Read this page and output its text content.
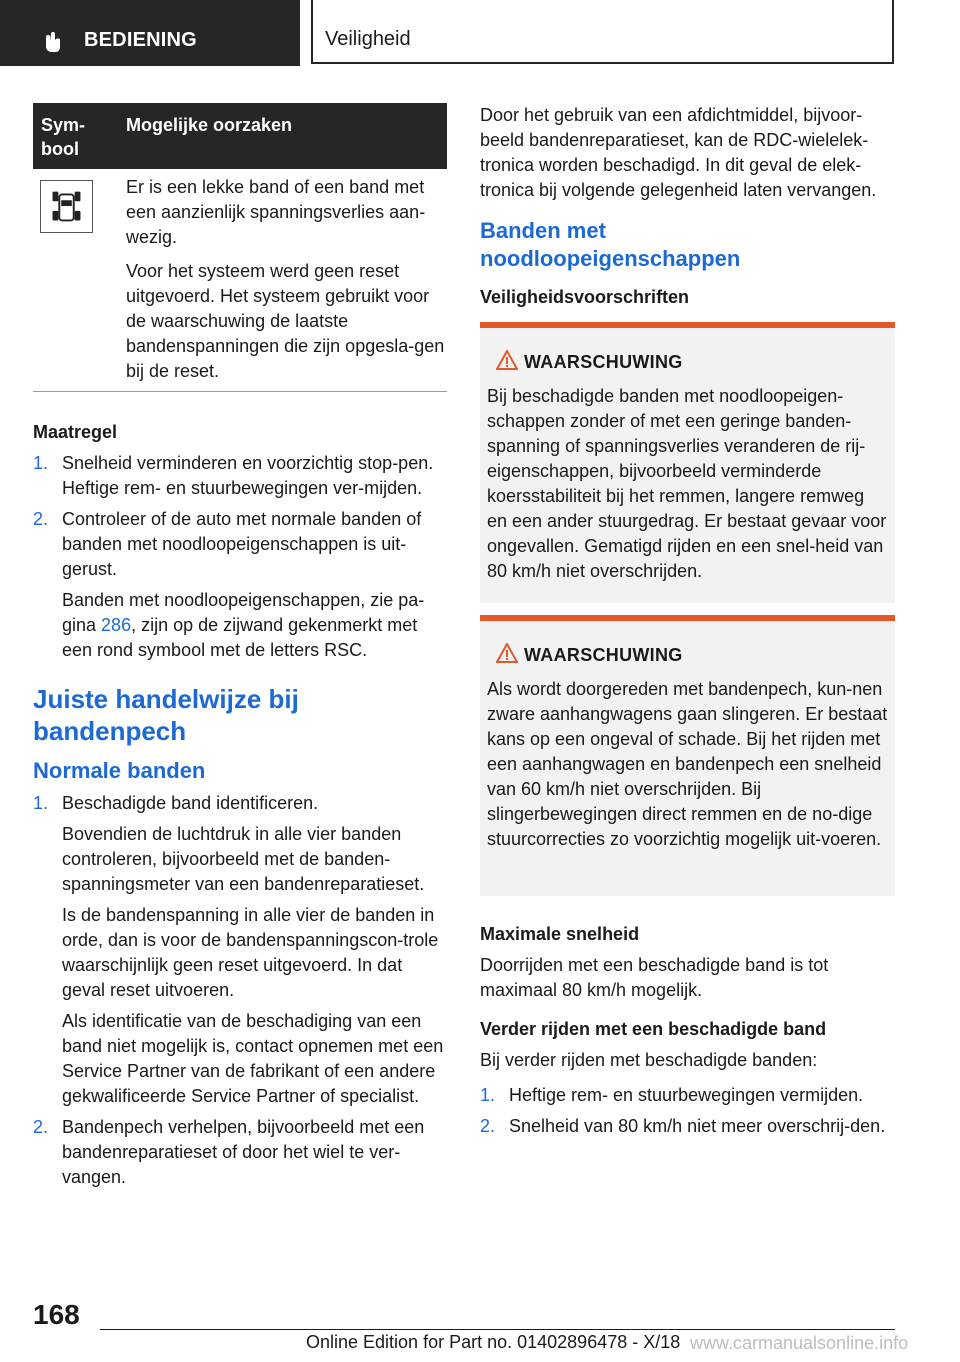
BEDIENING	Veiligheid
Sym‑
bool
Mogelijke oorzaken

Er is een lekke band of een band met een aanzienlijk spanningsverlies aan-wezig.

Voor het systeem werd geen reset uitgevoerd. Het systeem gebruikt voor de waarschuwing de laatste bandenspanningen die zijn opgesla-gen bij de reset.

Maatregel

1. Snelheid verminderen en voorzichtig stop-pen. Heftige rem- en stuurbewegingen ver-mijden.

2. Controleer of de auto met normale banden of banden met noodloopeigenschappen is uit-gerust.

Banden met noodloopeigenschappen, zie pa-gina 286, zijn op de zijwand gekenmerkt met een rond symbool met de letters RSC.

Juiste handelwijze bij bandenpech

Normale banden

1. Beschadigde band identificeren.

Bovendien de luchtdruk in alle vier banden controleren, bijvoorbeeld met de banden-spanningsmeter van een bandenreparatieset.

Is de bandenspanning in alle vier de banden in orde, dan is voor de bandenspanningscon-trole waarschijnlijk geen reset uitgevoerd. In dat geval reset uitvoeren.

Als identificatie van de beschadiging van een band niet mogelijk is, contact opnemen met een Service Partner van de fabrikant of een andere gekwalificeerde Service Partner of specialist.

2. Bandenpech verhelpen, bijvoorbeeld met een bandenreparatieset of door het wiel te ver-vangen.

Door het gebruik van een afdichtmiddel, bijvoor-beeld bandenreparatieset, kan de RDC-wielelek-tronica worden beschadigd. In dit geval de elek-tronica bij volgende gelegenheid laten vervangen.

Banden met noodloopeigenschappen

Veiligheidsvoorschriften

WAARSCHUWING

Bij beschadigde banden met noodloopeigen-schappen zonder of met een geringe banden-spanning of spanningsverlies veranderen de rij-eigenschappen, bijvoorbeeld verminderde koersstabiliteit bij het remmen, langere remweg en een ander stuurgedrag. Er bestaat gevaar voor ongevallen. Gematigd rijden en een snel-heid van 80 km/h niet overschrijden.

WAARSCHUWING

Als wordt doorgereden met bandenpech, kun-nen zware aanhangwagens gaan slingeren. Er bestaat kans op een ongeval of schade. Bij het rijden met een aanhangwagen en bandenpech een snelheid van 60 km/h niet overschrijden. Bij slingerbewegingen direct remmen en de no-dige stuurcorrecties zo voorzichtig mogelijk uit-voeren.

Maximale snelheid

Doorrijden met een beschadigde band is tot maximaal 80 km/h mogelijk.

Verder rijden met een beschadigde band

Bij verder rijden met beschadigde banden:

1. Heftige rem- en stuurbewegingen vermijden.

2. Snelheid van 80 km/h niet meer overschrij-den.

168
Online Edition for Part no. 01402896478 - X/18 www.carmanualsonline.info
